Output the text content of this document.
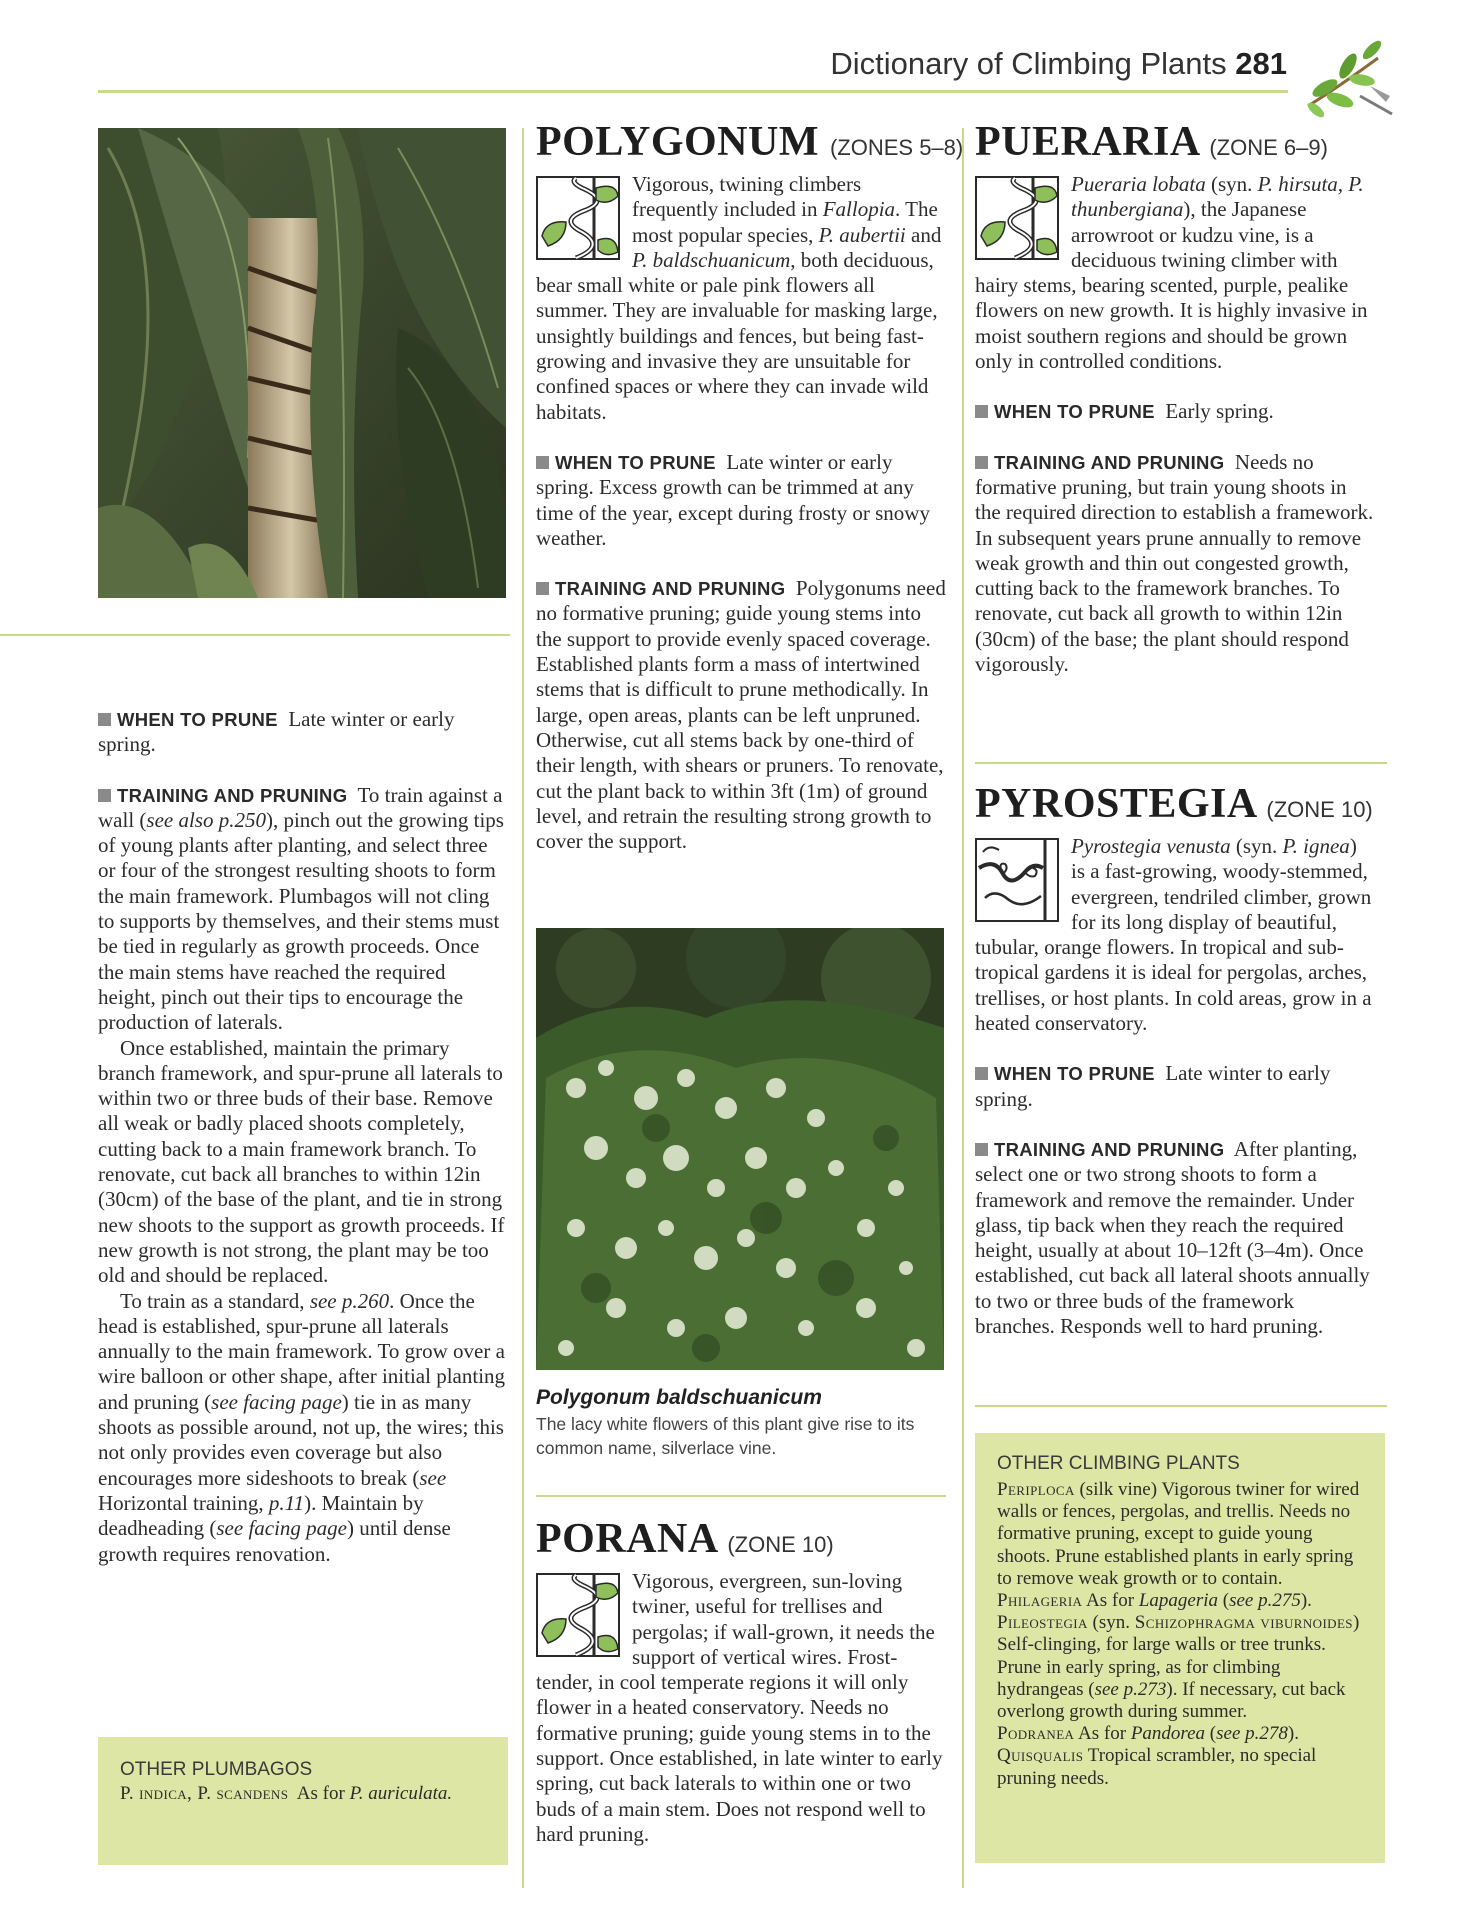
Dictionary of Climbing Plants 281

WHEN TO PRUNE Late winter or early spring.

TRAINING AND PRUNING To train against a wall (see also p.250), pinch out the growing tips of young plants after planting, and select three or four of the strongest resulting shoots to form the main framework. Plumbagos will not cling to supports by themselves, and their stems must be tied in regularly as growth proceeds. Once the main stems have reached the required height, pinch out their tips to encourage the production of laterals.

Once established, maintain the primary branch framework, and spur-prune all laterals to within two or three buds of their base. Remove all weak or badly placed shoots completely, cutting back to a main framework branch. To renovate, cut back all branches to within 12in (30cm) of the base of the plant, and tie in strong new shoots to the support as growth proceeds. If new growth is not strong, the plant may be too old and should be replaced.

To train as a standard, see p.260. Once the head is established, spur-prune all laterals annually to the main framework. To grow over a wire balloon or other shape, after initial planting and pruning (see facing page) tie in as many shoots as possible around, not up, the wires; this not only provides even coverage but also encourages more sideshoots to break (see Horizontal training, p.11). Maintain by deadheading (see facing page) until dense growth requires renovation.

OTHER PLUMBAGOS
P. indica, P. scandens As for P. auriculata.
POLYGONUM (ZONES 5–8)
Vigorous, twining climbers frequently included in Fallopia. The most popular species, P. aubertii and P. baldschuanicum, both deciduous, bear small white or pale pink flowers all summer. They are invaluable for masking large, unsightly buildings and fences, but being fast-growing and invasive they are unsuitable for confined spaces or where they can invade wild habitats.

WHEN TO PRUNE Late winter or early spring. Excess growth can be trimmed at any time of the year, except during frosty or snowy weather.

TRAINING AND PRUNING Polygonums need no formative pruning; guide young stems into the support to provide evenly spaced coverage. Established plants form a mass of intertwined stems that is difficult to prune methodically. In large, open areas, plants can be left unpruned. Otherwise, cut all stems back by one-third of their length, with shears or pruners. To renovate, cut the plant back to within 3ft (1m) of ground level, and retrain the resulting strong growth to cover the support.

Polygonum baldschuanicum
The lacy white flowers of this plant give rise to its common name, silverlace vine.
PORANA (ZONE 10)
Vigorous, evergreen, sun-loving twiner, useful for trellises and pergolas; if wall-grown, it needs the support of vertical wires. Frost-tender, in cool temperate regions it will only flower in a heated conservatory. Needs no formative pruning; guide young stems in to the support. Once established, in late winter to early spring, cut back laterals to within one or two buds of a main stem. Does not respond well to hard pruning.
PUERARIA (ZONE 6–9)
Pueraria lobata (syn. P. hirsuta, P. thunbergiana), the Japanese arrowroot or kudzu vine, is a deciduous twining climber with hairy stems, bearing scented, purple, pealike flowers on new growth. It is highly invasive in moist southern regions and should be grown only in controlled conditions.

WHEN TO PRUNE Early spring.

TRAINING AND PRUNING Needs no formative pruning, but train young shoots in the required direction to establish a framework. In subsequent years prune annually to remove weak growth and thin out congested growth, cutting back to the framework branches. To renovate, cut back all growth to within 12in (30cm) of the base; the plant should respond vigorously.

PYROSTEGIA (ZONE 10)
Pyrostegia venusta (syn. P. ignea) is a fast-growing, woody-stemmed, evergreen, tendriled climber, grown for its long display of beautiful, tubular, orange flowers. In tropical and sub-tropical gardens it is ideal for pergolas, arches, trellises, or host plants. In cold areas, grow in a heated conservatory.

WHEN TO PRUNE Late winter to early spring.

TRAINING AND PRUNING After planting, select one or two strong shoots to form a framework and remove the remainder. Under glass, tip back when they reach the required height, usually at about 10–12ft (3–4m). Once established, cut back all lateral shoots annually to two or three buds of the framework branches. Responds well to hard pruning.

OTHER CLIMBING PLANTS
Periploca (silk vine) Vigorous twiner for wired walls or fences, pergolas, and trellis. Needs no formative pruning, except to guide young shoots. Prune established plants in early spring to remove weak growth or to contain.
Philageria As for Lapageria (see p.275).
Pileostegia (syn. Schizophragma viburnoides) Self-clinging, for large walls or tree trunks. Prune in early spring, as for climbing hydrangeas (see p.273). If necessary, cut back overlong growth during summer.
Podranea As for Pandorea (see p.278).
Quisqualis Tropical scrambler, no special pruning needs.
